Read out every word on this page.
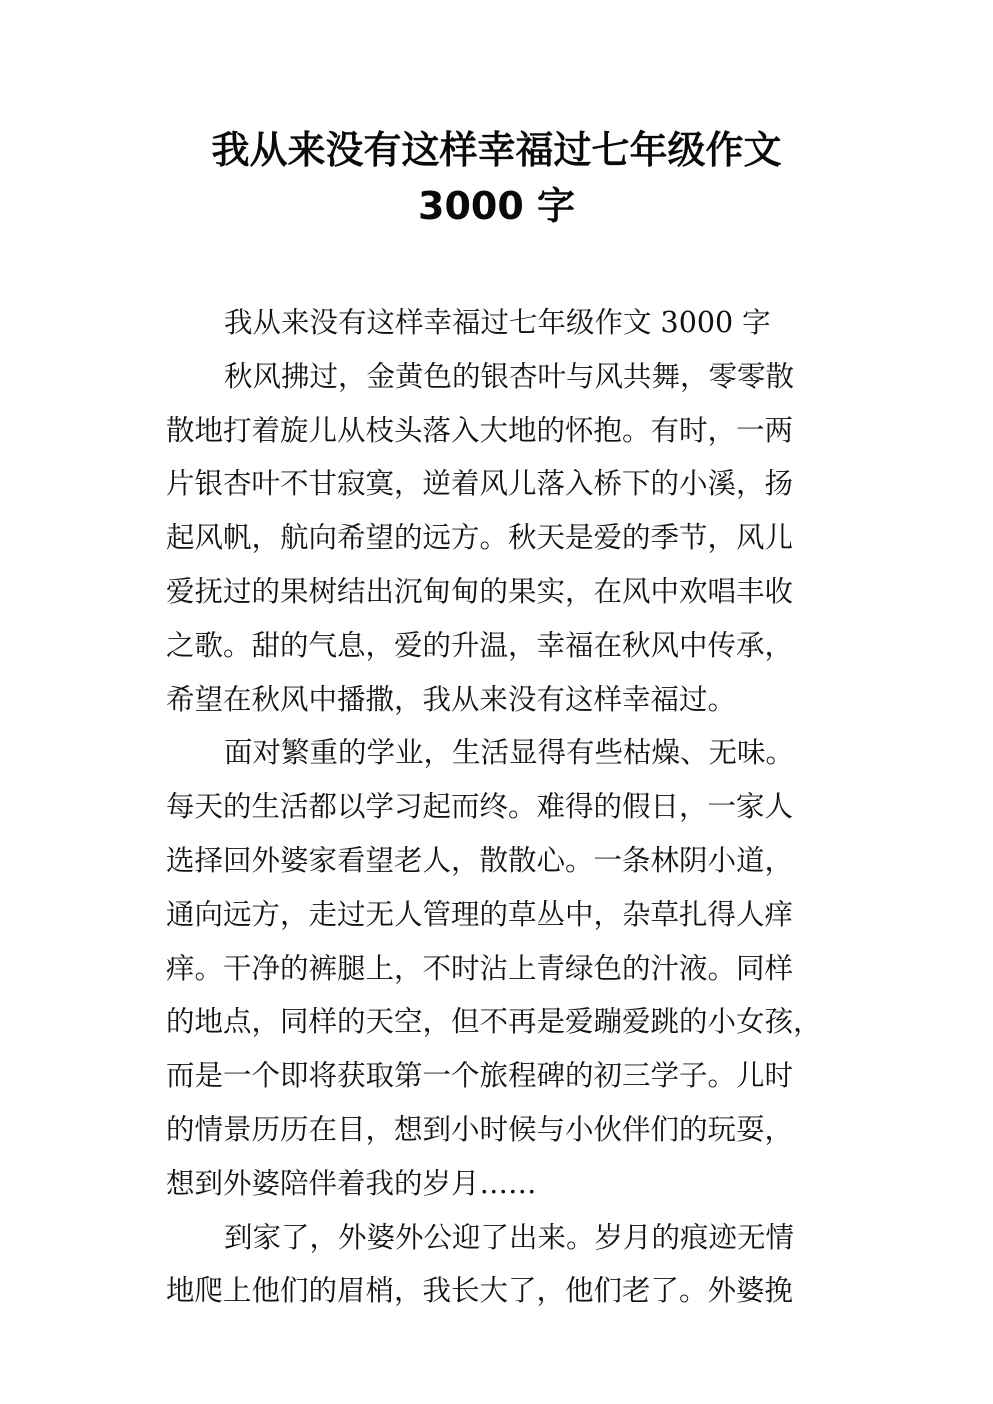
我从来没有这样幸福过七年级作文
3000 字

我从来没有这样幸福过七年级作文 3000 字

秋风拂过，金黄色的银杏叶与风共舞，零零散
散地打着旋儿从枝头落入大地的怀抱。有时，一两
片银杏叶不甘寂寞，逆着风儿落入桥下的小溪，扬
起风帆，航向希望的远方。秋天是爱的季节，风儿
爱抚过的果树结出沉甸甸的果实，在风中欢唱丰收
之歌。甜的气息，爱的升温，幸福在秋风中传承，
希望在秋风中播撒，我从来没有这样幸福过。

面对繁重的学业，生活显得有些枯燥、无味。
每天的生活都以学习起而终。难得的假日，一家人
选择回外婆家看望老人，散散心。一条林阴小道，
通向远方，走过无人管理的草丛中，杂草扎得人痒
痒。干净的裤腿上，不时沾上青绿色的汁液。同样
的地点，同样的天空，但不再是爱蹦爱跳的小女孩，
而是一个即将获取第一个旅程碑的初三学子。儿时
的情景历历在目，想到小时候与小伙伴们的玩耍，
想到外婆陪伴着我的岁月……

到家了，外婆外公迎了出来。岁月的痕迹无情
地爬上他们的眉梢，我长大了，他们老了。外婆挽
